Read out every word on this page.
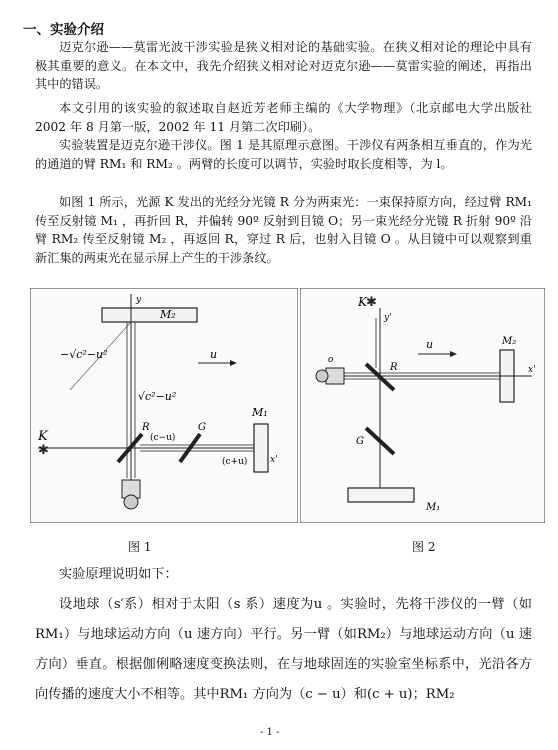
一、实验介绍

迈克尔逊——莫雷光波干涉实验是狭义相对论的基础实验。在狭义相对论的理论中具有极其重要的意义。在本文中，我先介绍狭义相对论对迈克尔逊——莫雷实验的阐述，再指出其中的错误。

本文引用的该实验的叙述取自赵近芳老师主编的《大学物理》（北京邮电大学出版社 2002 年 8 月第一版，2002 年 11 月第二次印刷）。

实验装置是迈克尔逊干涉仪。图 1 是其原理示意图。干涉仪有两条相互垂直的，作为光的通道的臂 RM₁ 和 RM₂ 。两臂的长度可以调节，实验时取长度相等，为 l。

如图 1 所示，光源 K 发出的光经分光镜 R 分为两束光：一束保持原方向，经过臂 RM₁ 传至反射镜 M₁ ，再折回 R，并偏转 90º 反射到目镜 O；另一束光经分光镜 R 折射 90º 沿臂 RM₂ 传至反射镜 M₂ ，再返回 R，穿过 R 后，也射入目镜 O 。从目镜中可以观察到重新汇集的两束光在显示屏上产生的干涉条纹。

✱
y
M₂
M₁
u
K
R	G
(c−u)
(c+u)	x'
−√c²−u²
√c²−u²
图 1
✱
K
y'
M₂
u
R
G
M₁
x'
o
图 2

实验原理说明如下：

设地球（s′系）相对于太阳（s 系）速度为u 。实验时，先将干涉仪的一臂（如RM₁）与地球运动方向（u 速方向）平行。另一臂（如RM₂）与地球运动方向（u 速方向）垂直。根据伽俐略速度变换法则，在与地球固连的实验室坐标系中，光沿各方向传播的速度大小不相等。其中RM₁ 方向为（c − u）和(c + u)；RM₂

- 1 -
